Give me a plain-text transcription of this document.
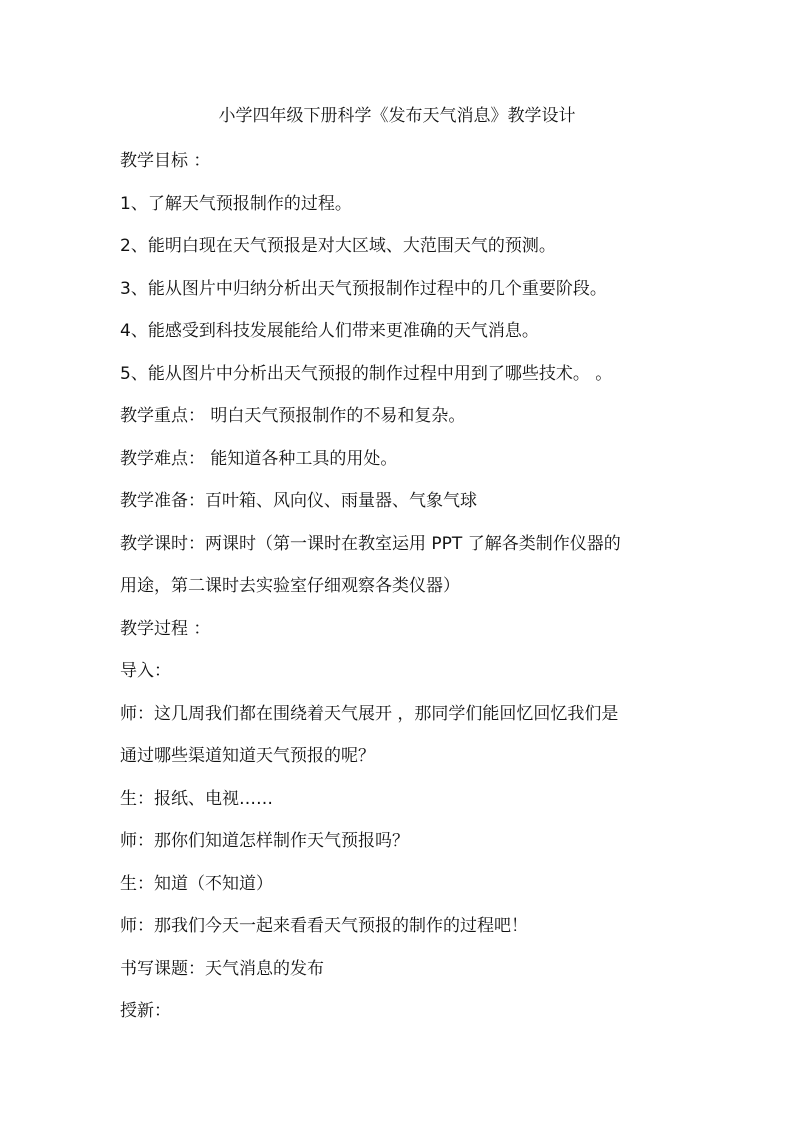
小学四年级下册科学《发布天气消息》教学设计
教学目标 ：
1、了解天气预报制作的过程。
2、能明白现在天气预报是对大区域、大范围天气的预测。
3、能从图片中归纳分析出天气预报制作过程中的几个重要阶段。
4、能感受到科技发展能给人们带来更准确的天气消息。
5、能从图片中分析出天气预报的制作过程中用到了哪些技术。 。
教学重点： 明白天气预报制作的不易和复杂。
教学难点： 能知道各种工具的用处。
教学准备：百叶箱、风向仪、雨量器、气象气球
教学课时：两课时（第一课时在教室运用 PPT 了解各类制作仪器的
用途，第二课时去实验室仔细观察各类仪器）
教学过程 ：
导入：
师：这几周我们都在围绕着天气展开 ，那同学们能回忆回忆我们是
通过哪些渠道知道天气预报的呢？
生：报纸、电视……
师：那你们知道怎样制作天气预报吗？
生：知道（不知道）
师：那我们今天一起来看看天气预报的制作的过程吧！
书写课题：天气消息的发布
授新：
